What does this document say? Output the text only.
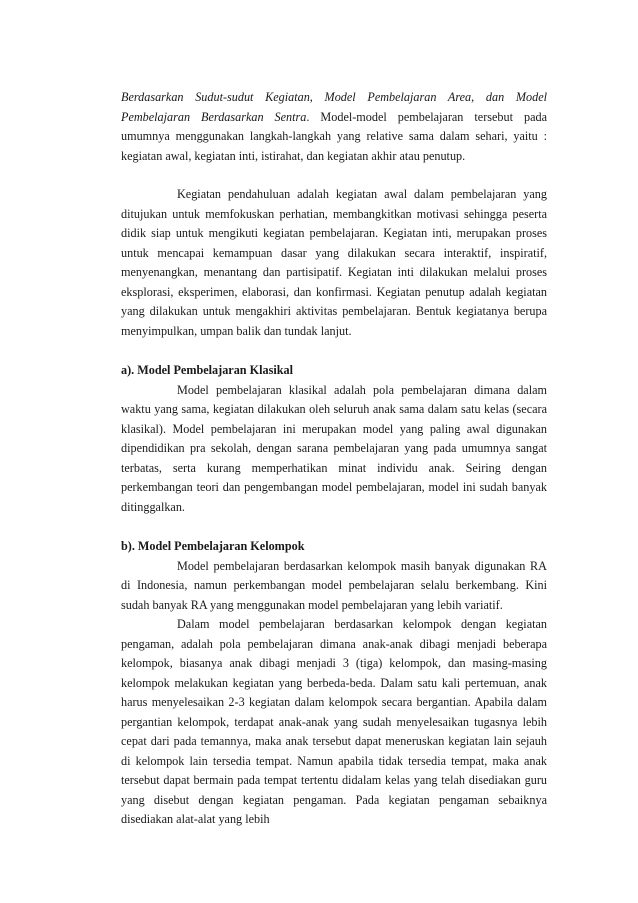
Berdasarkan Sudut-sudut Kegiatan, Model Pembelajaran Area, dan Model Pembelajaran Berdasarkan Sentra. Model-model pembelajaran tersebut pada umumnya menggunakan langkah-langkah yang relative sama dalam sehari, yaitu : kegiatan awal, kegiatan inti, istirahat, dan kegiatan akhir atau penutup.

Kegiatan pendahuluan adalah kegiatan awal dalam pembelajaran yang ditujukan untuk memfokuskan perhatian, membangkitkan motivasi sehingga peserta didik siap untuk mengikuti kegiatan pembelajaran. Kegiatan inti, merupakan proses untuk mencapai kemampuan dasar yang dilakukan secara interaktif, inspiratif, menyenangkan, menantang dan partisipatif. Kegiatan inti dilakukan melalui proses eksplorasi, eksperimen, elaborasi, dan konfirmasi. Kegiatan penutup adalah kegiatan yang dilakukan untuk mengakhiri aktivitas pembelajaran. Bentuk kegiatanya berupa menyimpulkan, umpan balik dan tundak lanjut.

a). Model Pembelajaran Klasikal

Model pembelajaran klasikal adalah pola pembelajaran dimana dalam waktu yang sama, kegiatan dilakukan oleh seluruh anak sama dalam satu kelas (secara klasikal). Model pembelajaran ini merupakan model yang paling awal digunakan dipendidikan pra sekolah, dengan sarana pembelajaran yang pada umumnya sangat terbatas, serta kurang memperhatikan minat individu anak. Seiring dengan perkembangan teori dan pengembangan model pembelajaran, model ini sudah banyak ditinggalkan.

b). Model Pembelajaran Kelompok

Model pembelajaran berdasarkan kelompok masih banyak digunakan RA di Indonesia, namun perkembangan model pembelajaran selalu berkembang. Kini sudah banyak RA yang menggunakan model pembelajaran yang lebih variatif.

Dalam model pembelajaran berdasarkan kelompok dengan kegiatan pengaman, adalah pola pembelajaran dimana anak-anak dibagi menjadi beberapa kelompok, biasanya anak dibagi menjadi 3 (tiga) kelompok, dan masing-masing kelompok melakukan kegiatan yang berbeda-beda. Dalam satu kali pertemuan, anak harus menyelesaikan 2-3 kegiatan dalam kelompok secara bergantian. Apabila dalam pergantian kelompok, terdapat anak-anak yang sudah menyelesaikan tugasnya lebih cepat dari pada temannya, maka anak tersebut dapat meneruskan kegiatan lain sejauh di kelompok lain tersedia tempat. Namun apabila tidak tersedia tempat, maka anak tersebut dapat bermain pada tempat tertentu didalam kelas yang telah disediakan guru yang disebut dengan kegiatan pengaman. Pada kegiatan pengaman sebaiknya disediakan alat-alat yang lebih
